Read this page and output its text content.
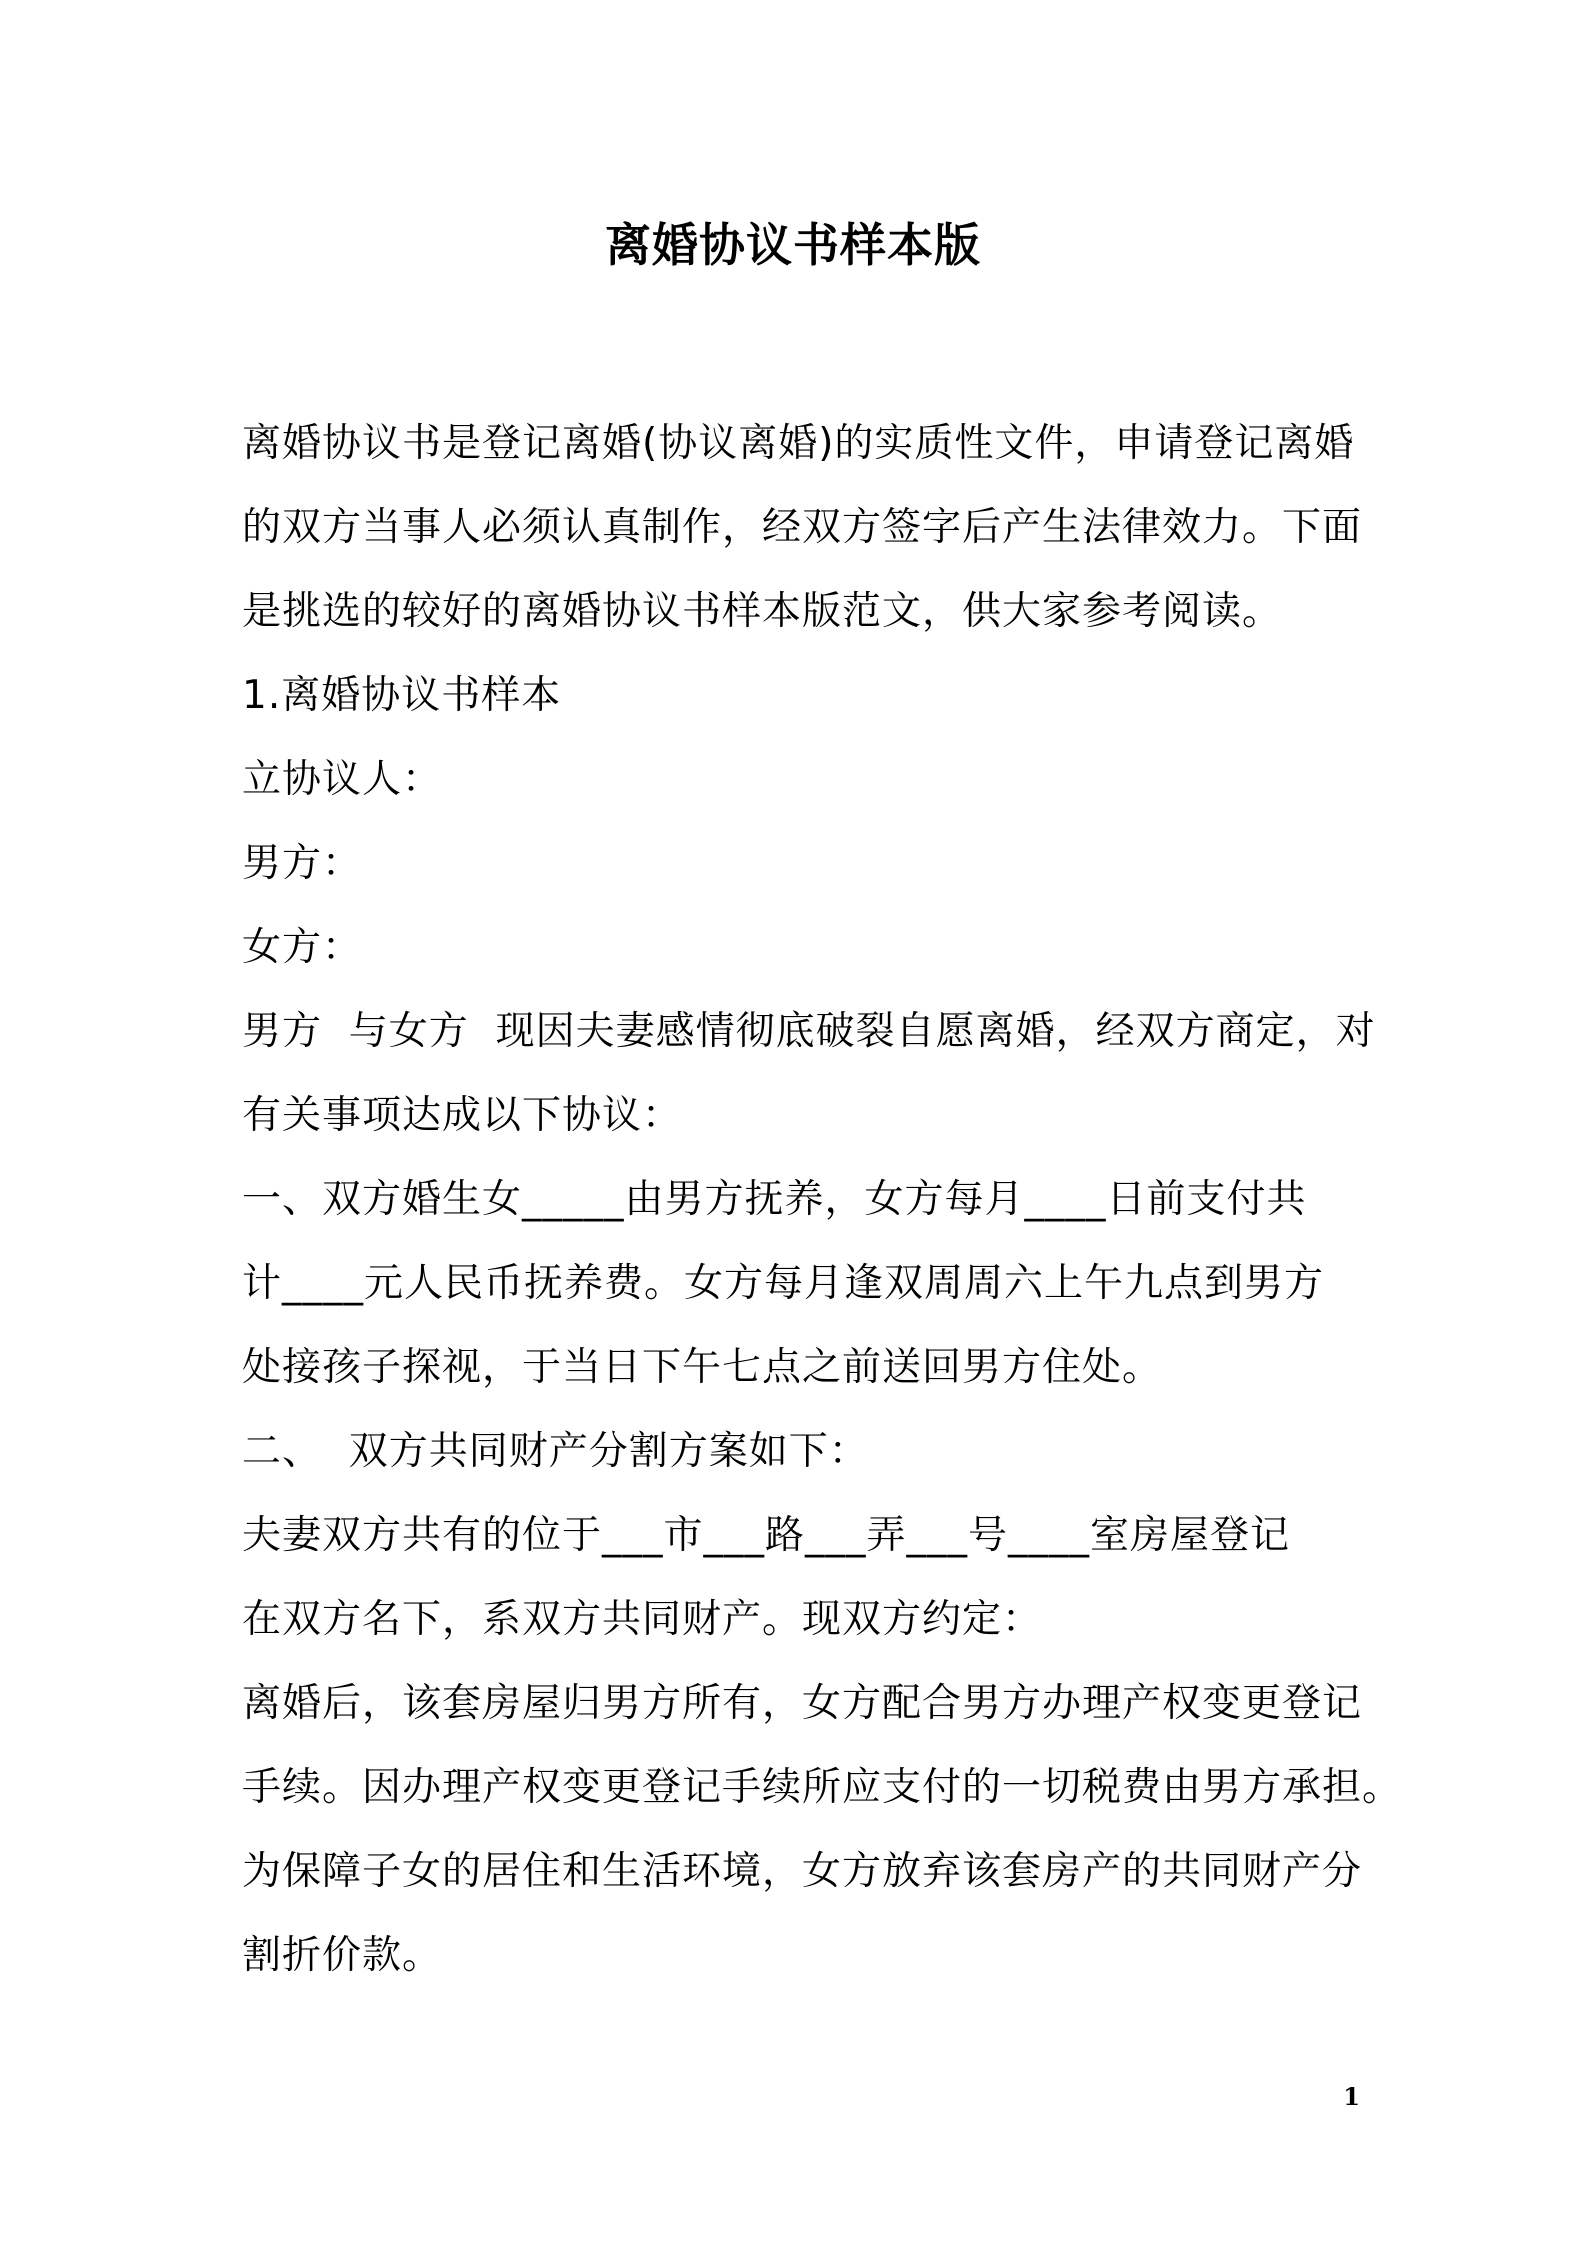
离婚协议书样本版
离婚协议书是登记离婚(协议离婚)的实质性文件，申请登记离婚
的双方当事人必须认真制作，经双方签字后产生法律效力。下面
是挑选的较好的离婚协议书样本版范文，供大家参考阅读。
1.离婚协议书样本
立协议人：
男方：
女方：
男方  与女方  现因夫妻感情彻底破裂自愿离婚，经双方商定，对
有关事项达成以下协议：
一、双方婚生女_____由男方抚养，女方每月____日前支付共
计____元人民币抚养费。女方每月逢双周周六上午九点到男方
处接孩子探视，于当日下午七点之前送回男方住处。
二、  双方共同财产分割方案如下：
夫妻双方共有的位于___市___路___弄___号____室房屋登记
在双方名下，系双方共同财产。现双方约定：
离婚后，该套房屋归男方所有，女方配合男方办理产权变更登记
手续。因办理产权变更登记手续所应支付的一切税费由男方承担。
为保障子女的居住和生活环境，女方放弃该套房产的共同财产分
割折价款。
1
